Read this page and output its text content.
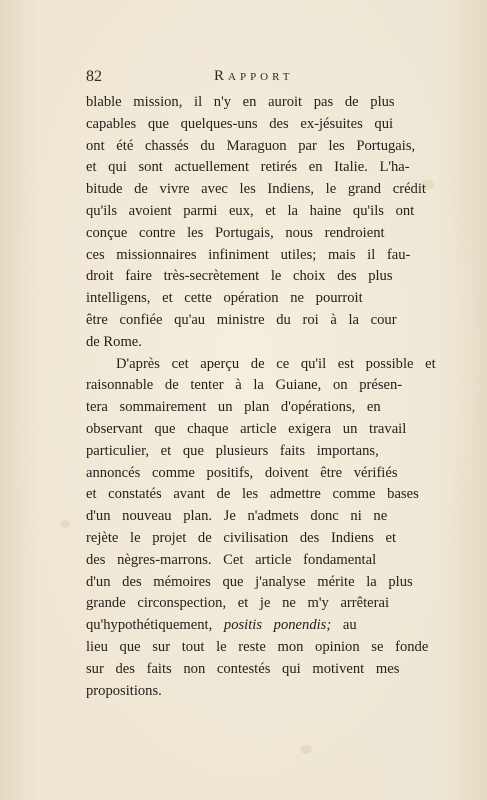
82	Rapport
blable mission, il n'y en auroit pas de plus
capables que quelques-uns des ex-jésuites qui
ont été chassés du Maraguon par les Portugais,
et qui sont actuellement retirés en Italie. L'ha-
bitude de vivre avec les Indiens, le grand crédit
qu'ils avoient parmi eux, et la haine qu'ils ont
conçue contre les Portugais, nous rendroient
ces missionnaires infiniment utiles; mais il fau-
droit faire très-secrètement le choix des plus
intelligens, et cette opération ne pourroit
être confiée qu'au ministre du roi à la cour
de Rome.
D'après cet aperçu de ce qu'il est possible et
raisonnable de tenter à la Guiane, on présen-
tera sommairement un plan d'opérations, en
observant que chaque article exigera un travail
particulier, et que plusieurs faits importans,
annoncés comme positifs, doivent être vérifiés
et constatés avant de les admettre comme bases
d'un nouveau plan. Je n'admets donc ni ne
rejète le projet de civilisation des Indiens et
des nègres-marrons. Cet article fondamental
d'un des mémoires que j'analyse mérite la plus
grande circonspection, et je ne m'y arrêterai
qu'hypothétiquement, positis ponendis; au
lieu que sur tout le reste mon opinion se fonde
sur des faits non contestés qui motivent mes
propositions.
